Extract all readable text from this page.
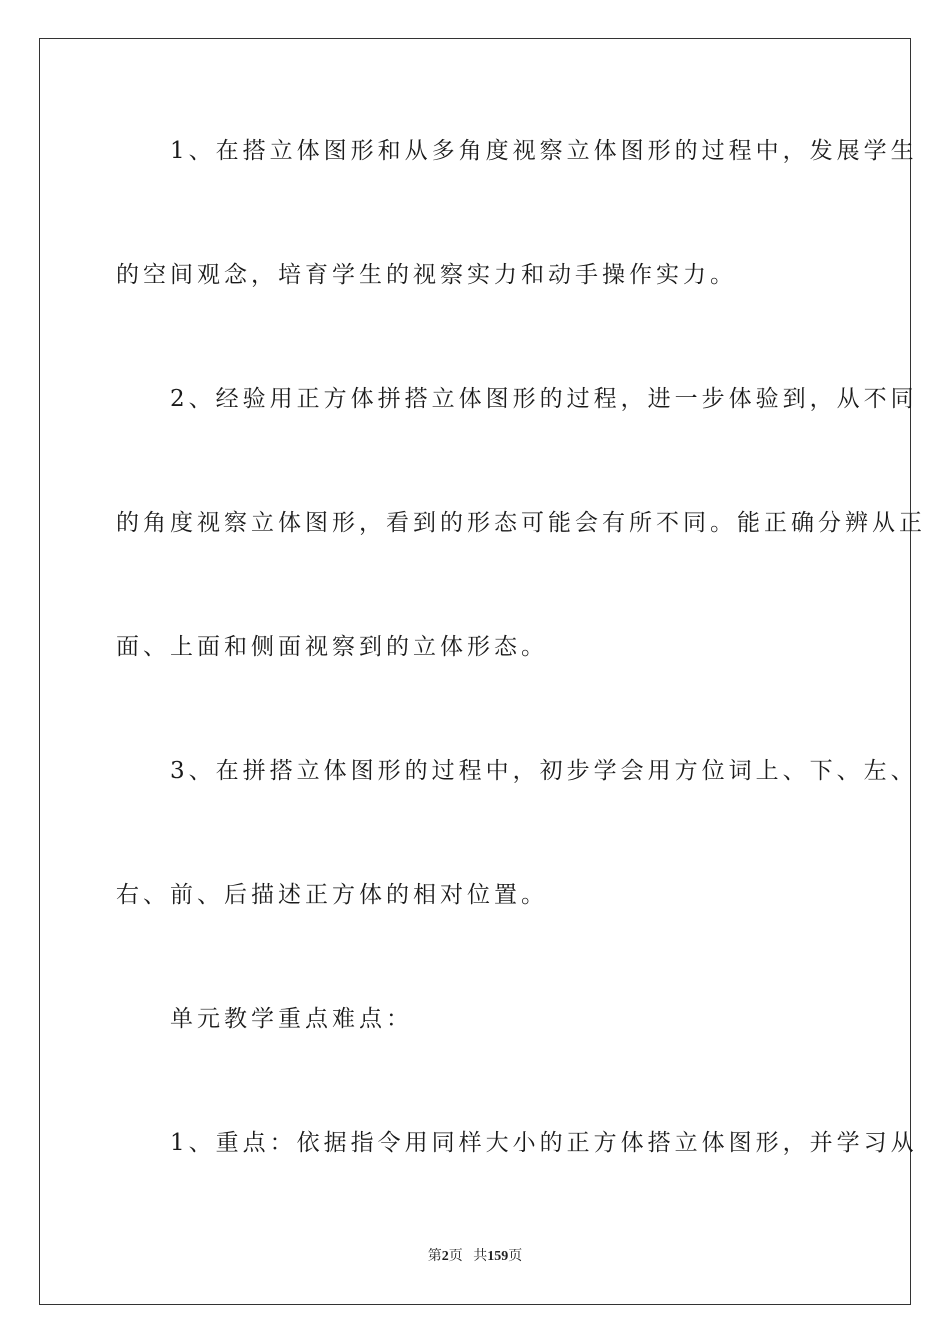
　　1、在搭立体图形和从多角度视察立体图形的过程中，发展学生
的空间观念，培育学生的视察实力和动手操作实力。
　　2、经验用正方体拼搭立体图形的过程，进一步体验到，从不同
的角度视察立体图形，看到的形态可能会有所不同。能正确分辨从正
面、上面和侧面视察到的立体形态。
　　3、在拼搭立体图形的过程中，初步学会用方位词上、下、左、
右、前、后描述正方体的相对位置。
　　单元教学重点难点：
　　1、重点：依据指令用同样大小的正方体搭立体图形，并学习从
第2页 共159页
